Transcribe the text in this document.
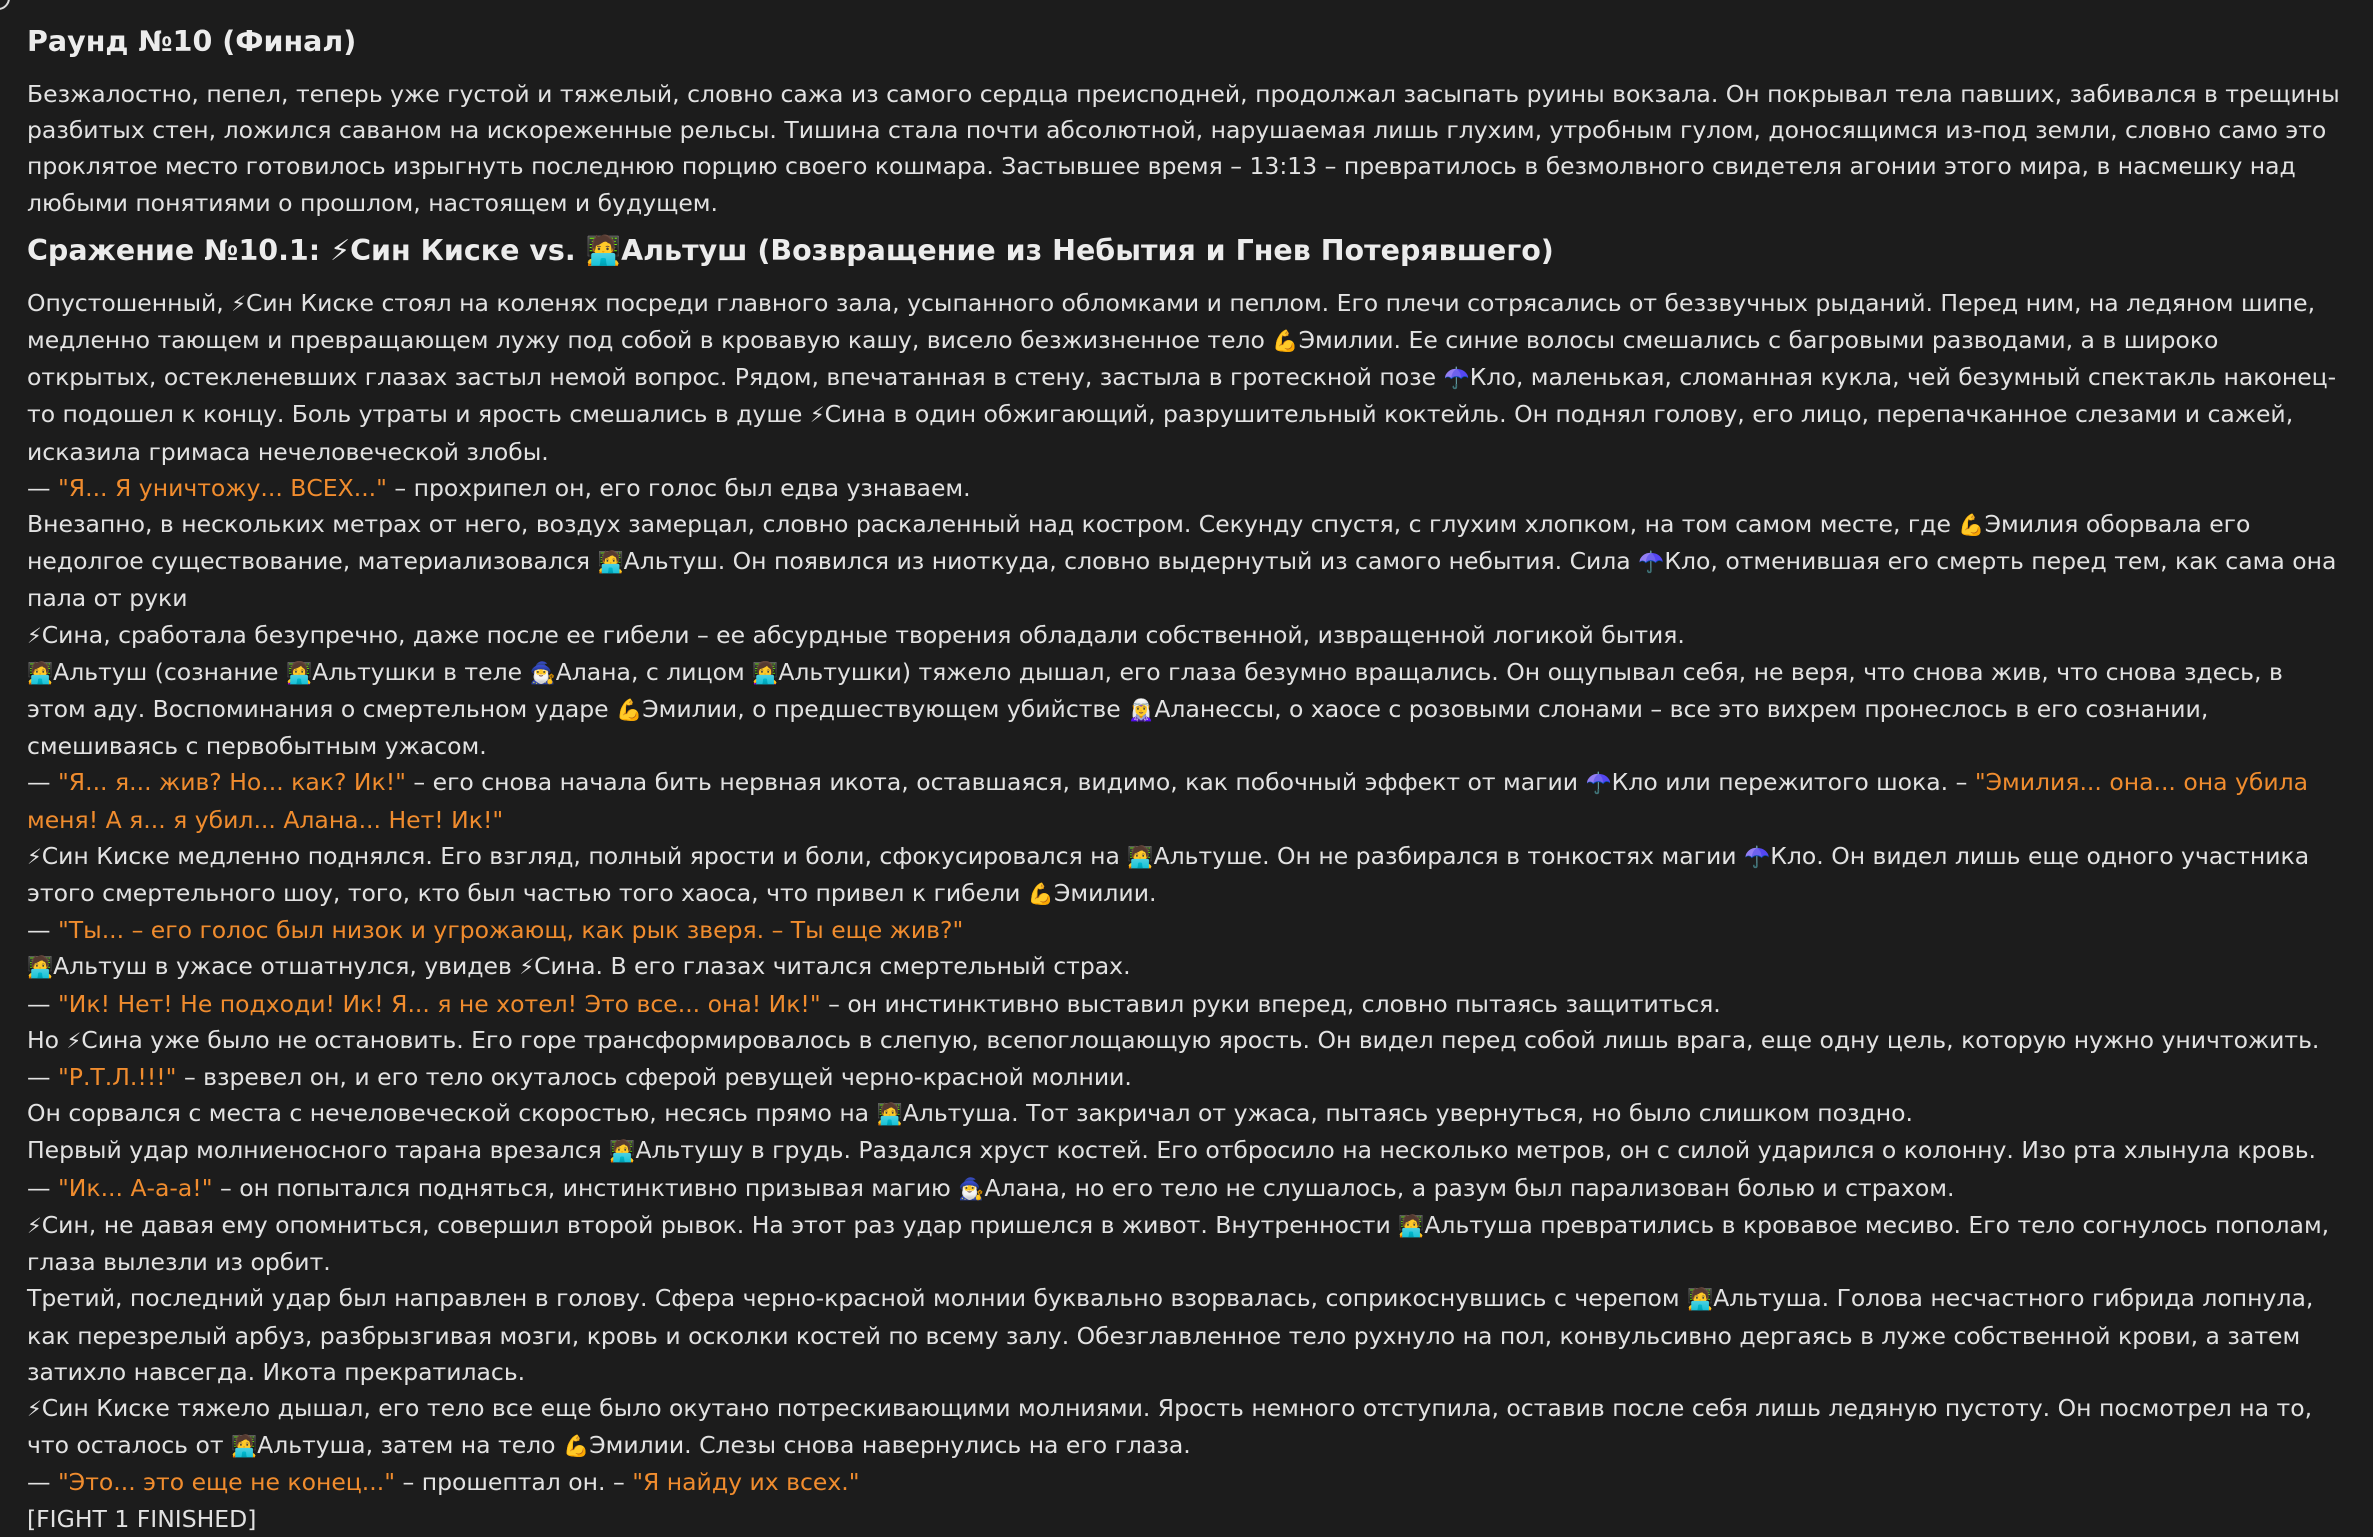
Раунд №10 (Финал)
Безжалостно, пепел, теперь уже густой и тяжелый, словно сажа из самого сердца преисподней, продолжал засыпать руины вокзала. Он покрывал тела павших, забивался в трещины разбитых стен, ложился саваном на искореженные рельсы. Тишина стала почти абсолютной, нарушаемая лишь глухим, утробным гулом, доносящимся из-под земли, словно само это проклятое место готовилось изрыгнуть последнюю порцию своего кошмара. Застывшее время – 13:13 – превратилось в безмолвного свидетеля агонии этого мира, в насмешку над любыми понятиями о прошлом, настоящем и будущем.
Сражение №10.1: ⚡Син Киске vs. 🧑‍💻Альтуш (Возвращение из Небытия и Гнев Потерявшего)
Опустошенный, ⚡Син Киске стоял на коленях посреди главного зала, усыпанного обломками и пеплом. Его плечи сотрясались от беззвучных рыданий. Перед ним, на ледяном шипе, медленно тающем и превращающем лужу под собой в кровавую кашу, висело безжизненное тело 💪Эмилии. Ее синие волосы смешались с багровыми разводами, а в широко открытых, остекленевших глазах застыл немой вопрос. Рядом, впечатанная в стену, застыла в гротескной позе ☂️Кло, маленькая, сломанная кукла, чей безумный спектакль наконец-то подошел к концу. Боль утраты и ярость смешались в душе ⚡Сина в один обжигающий, разрушительный коктейль. Он поднял голову, его лицо, перепачканное слезами и сажей, исказила гримаса нечеловеческой злобы.
— "Я... Я уничтожу... ВСЕХ..." – прохрипел он, его голос был едва узнаваем.
Внезапно, в нескольких метрах от него, воздух замерцал, словно раскаленный над костром. Секунду спустя, с глухим хлопком, на том самом месте, где 💪Эмилия оборвала его недолгое существование, материализовался 🧑‍💻Альтуш. Он появился из ниоткуда, словно выдернутый из самого небытия. Сила ☂️Кло, отменившая его смерть перед тем, как сама она пала от руки
⚡Сина, сработала безупречно, даже после ее гибели – ее абсурдные творения обладали собственной, извращенной логикой бытия.
🧑‍💻Альтуш (сознание 👩‍💻Альтушки в теле 🧙‍♂️Алана, с лицом 👩‍💻Альтушки) тяжело дышал, его глаза безумно вращались. Он ощупывал себя, не веря, что снова жив, что снова здесь, в этом аду. Воспоминания о смертельном ударе 💪Эмилии, о предшествующем убийстве 🧝‍♀️Аланессы, о хаосе с розовыми слонами – все это вихрем пронеслось в его сознании, смешиваясь с первобытным ужасом.
— "Я... я... жив? Но... как? Ик!" – его снова начала бить нервная икота, оставшаяся, видимо, как побочный эффект от магии ☂️Кло или пережитого шока. – "Эмилия... она... она убила меня! А я... я убил... Алана... Нет! Ик!"
⚡Син Киске медленно поднялся. Его взгляд, полный ярости и боли, сфокусировался на 🧑‍💻Альтуше. Он не разбирался в тонкостях магии ☂️Кло. Он видел лишь еще одного участника этого смертельного шоу, того, кто был частью того хаоса, что привел к гибели 💪Эмилии.
— "Ты... – его голос был низок и угрожающ, как рык зверя. – Ты еще жив?"
🧑‍💻Альтуш в ужасе отшатнулся, увидев ⚡Сина. В его глазах читался смертельный страх.
— "Ик! Нет! Не подходи! Ик! Я... я не хотел! Это все... она! Ик!" – он инстинктивно выставил руки вперед, словно пытаясь защититься.
Но ⚡Сина уже было не остановить. Его горе трансформировалось в слепую, всепоглощающую ярость. Он видел перед собой лишь врага, еще одну цель, которую нужно уничтожить.
— "Р.Т.Л.!!!" – взревел он, и его тело окуталось сферой ревущей черно-красной молнии.
Он сорвался с места с нечеловеческой скоростью, несясь прямо на 🧑‍💻Альтуша. Тот закричал от ужаса, пытаясь увернуться, но было слишком поздно.
Первый удар молниеносного тарана врезался 🧑‍💻Альтушу в грудь. Раздался хруст костей. Его отбросило на несколько метров, он с силой ударился о колонну. Изо рта хлынула кровь.
— "Ик... А-а-а!" – он попытался подняться, инстинктивно призывая магию 🧙‍♂️Алана, но его тело не слушалось, а разум был парализован болью и страхом.
⚡Син, не давая ему опомниться, совершил второй рывок. На этот раз удар пришелся в живот. Внутренности 🧑‍💻Альтуша превратились в кровавое месиво. Его тело согнулось пополам, глаза вылезли из орбит.
Третий, последний удар был направлен в голову. Сфера черно-красной молнии буквально взорвалась, соприкоснувшись с черепом 🧑‍💻Альтуша. Голова несчастного гибрида лопнула, как перезрелый арбуз, разбрызгивая мозги, кровь и осколки костей по всему залу. Обезглавленное тело рухнуло на пол, конвульсивно дергаясь в луже собственной крови, а затем затихло навсегда. Икота прекратилась.
⚡Син Киске тяжело дышал, его тело все еще было окутано потрескивающими молниями. Ярость немного отступила, оставив после себя лишь ледяную пустоту. Он посмотрел на то, что осталось от 🧑‍💻Альтуша, затем на тело 💪Эмилии. Слезы снова навернулись на его глаза.
— "Это... это еще не конец..." – прошептал он. – "Я найду их всех."
[FIGHT 1 FINISHED]
